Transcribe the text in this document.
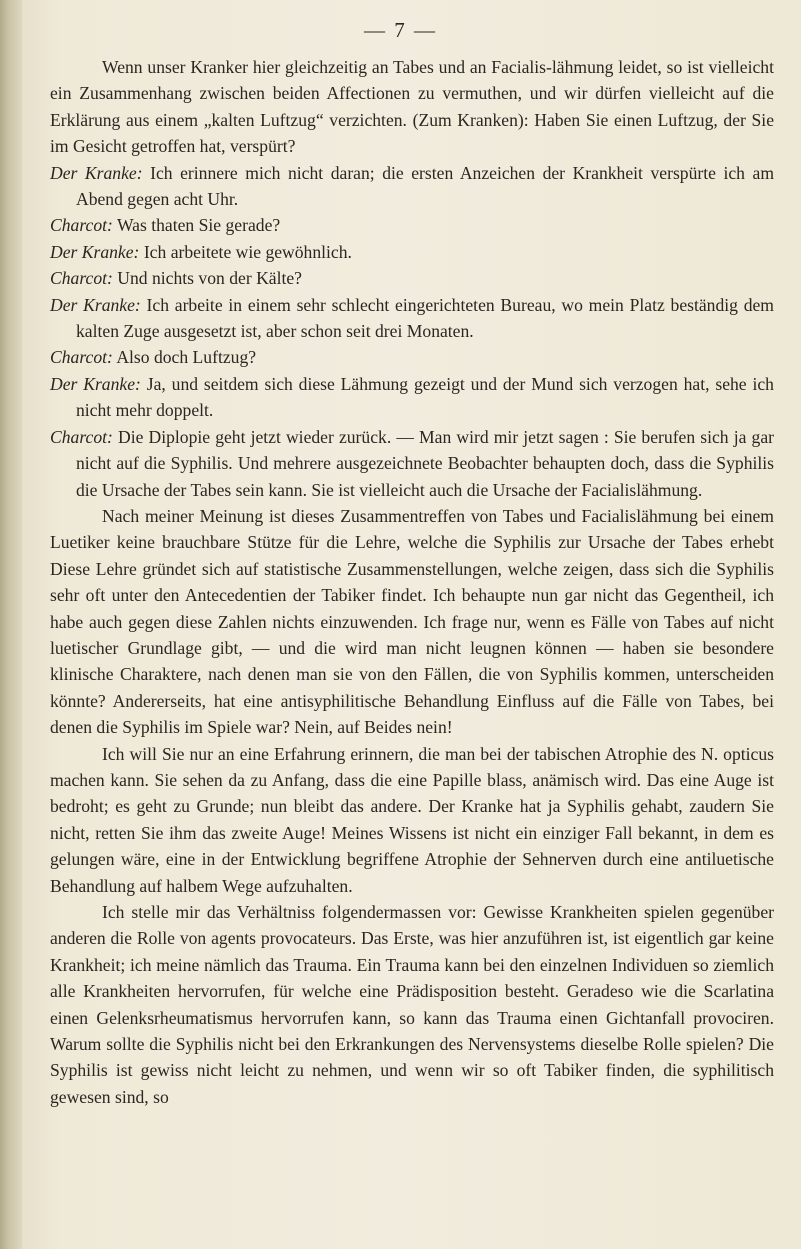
— 7 —

Wenn unser Kranker hier gleichzeitig an Tabes und an Facialis-lähmung leidet, so ist vielleicht ein Zusammenhang zwischen beiden Affectionen zu vermuthen, und wir dürfen vielleicht auf die Erklärung aus einem „kalten Luftzug“ verzichten. (Zum Kranken): Haben Sie einen Luftzug, der Sie im Gesicht getroffen hat, verspürt?

Der Kranke: Ich erinnere mich nicht daran; die ersten Anzeichen der Krankheit verspürte ich am Abend gegen acht Uhr.

Charcot: Was thaten Sie gerade?

Der Kranke: Ich arbeitete wie gewöhnlich.

Charcot: Und nichts von der Kälte?

Der Kranke: Ich arbeite in einem sehr schlecht eingerichteten Bureau, wo mein Platz beständig dem kalten Zuge ausgesetzt ist, aber schon seit drei Monaten.

Charcot: Also doch Luftzug?

Der Kranke: Ja, und seitdem sich diese Lähmung gezeigt und der Mund sich verzogen hat, sehe ich nicht mehr doppelt.

Charcot: Die Diplopie geht jetzt wieder zurück. — Man wird mir jetzt sagen : Sie berufen sich ja gar nicht auf die Syphilis. Und mehrere ausgezeichnete Beobachter behaupten doch, dass die Syphilis die Ursache der Tabes sein kann. Sie ist vielleicht auch die Ursache der Facialislähmung.

Nach meiner Meinung ist dieses Zusammentreffen von Tabes und Facialislähmung bei einem Luetiker keine brauchbare Stütze für die Lehre, welche die Syphilis zur Ursache der Tabes erhebt Diese Lehre gründet sich auf statistische Zusammenstellungen, welche zeigen, dass sich die Syphilis sehr oft unter den Antecedentien der Tabiker findet. Ich behaupte nun gar nicht das Gegentheil, ich habe auch gegen diese Zahlen nichts einzuwenden. Ich frage nur, wenn es Fälle von Tabes auf nicht luetischer Grundlage gibt, — und die wird man nicht leugnen können — haben sie besondere klinische Charaktere, nach denen man sie von den Fällen, die von Syphilis kommen, unterscheiden könnte? Andererseits, hat eine antisyphilitische Behandlung Einfluss auf die Fälle von Tabes, bei denen die Syphilis im Spiele war? Nein, auf Beides nein!

Ich will Sie nur an eine Erfahrung erinnern, die man bei der tabischen Atrophie des N. opticus machen kann. Sie sehen da zu Anfang, dass die eine Papille blass, anämisch wird. Das eine Auge ist bedroht; es geht zu Grunde; nun bleibt das andere. Der Kranke hat ja Syphilis gehabt, zaudern Sie nicht, retten Sie ihm das zweite Auge! Meines Wissens ist nicht ein einziger Fall bekannt, in dem es gelungen wäre, eine in der Entwicklung begriffene Atrophie der Sehnerven durch eine antiluetische Behandlung auf halbem Wege aufzuhalten.

Ich stelle mir das Verhältniss folgendermassen vor: Gewisse Krankheiten spielen gegenüber anderen die Rolle von agents provocateurs. Das Erste, was hier anzuführen ist, ist eigentlich gar keine Krankheit; ich meine nämlich das Trauma. Ein Trauma kann bei den einzelnen Individuen so ziemlich alle Krankheiten hervorrufen, für welche eine Prädisposition besteht. Geradeso wie die Scarlatina einen Gelenksrheumatismus hervorrufen kann, so kann das Trauma einen Gichtanfall provociren. Warum sollte die Syphilis nicht bei den Erkrankungen des Nervensystems dieselbe Rolle spielen? Die Syphilis ist gewiss nicht leicht zu nehmen, und wenn wir so oft Tabiker finden, die syphilitisch gewesen sind, so
